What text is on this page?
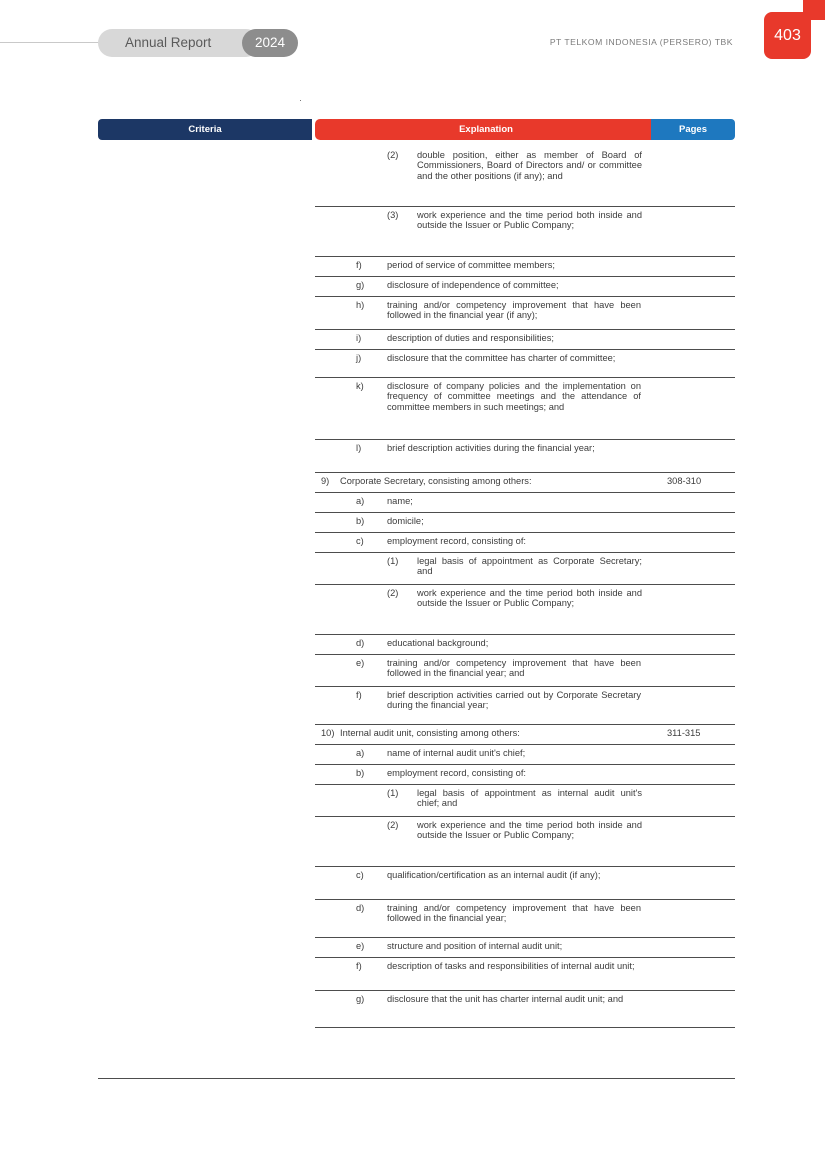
Annual Report	2024	PT TELKOM INDONESIA (PERSERO) TBK	403
Criteria	Explanation	Pages
(2) double position, either as member of Board of Commissioners, Board of Directors and/ or committee and the other positions (if any); and
(3) work experience and the time period both inside and outside the Issuer or Public Company;
f)	period of service of committee members;
g) disclosure of independence of committee;
h) training and/or competency improvement that have been followed in the financial year (if any);
i)	description of duties and responsibilities;
j)	disclosure that the committee has charter of committee;
k)	disclosure of company policies and the implementation on frequency of committee meetings and the attendance of committee members in such meetings; and
l)	brief description activities during the financial year;
9) Corporate Secretary, consisting among others:	308-310
a) name;
b) domicile;
c)	employment record, consisting of:
(1) legal basis of appointment as Corporate Secretary; and
(2) work experience and the time period both inside and outside the Issuer or Public Company;
d) educational background;
e) training and/or competency improvement that have been followed in the financial year; and
f)	brief description activities carried out by Corporate Secretary during the financial year;
10) Internal audit unit, consisting among others:	311-315
a) name of internal audit unit's chief;
b) employment record, consisting of:
(1) legal basis of appointment as internal audit unit's chief; and
(2) work experience and the time period both inside and outside the Issuer or Public Company;
c)	qualification/certification as an internal audit (if any);
d) training and/or competency improvement that have been followed in the financial year;
e) structure and position of internal audit unit;
f)	description of tasks and responsibilities of internal audit unit;
g) disclosure that the unit has charter internal audit unit; and
